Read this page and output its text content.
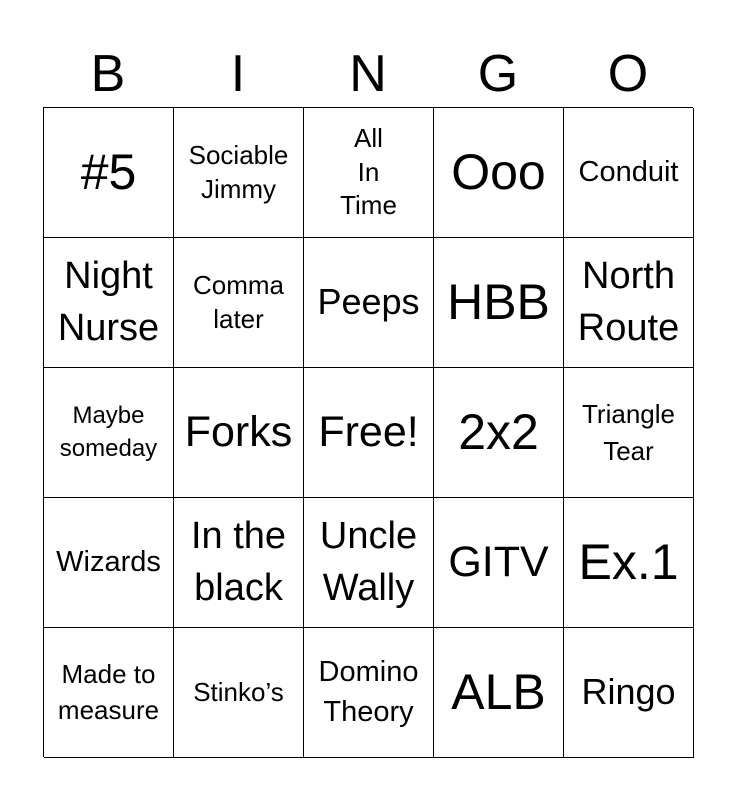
B	I	N	G	O
#5 Sociable
Jimmy
All
In
Time
Ooo Conduit
Night
Nurse
Comma
later	Peeps HBB North
Route
Maybe
someday Forks Free! 2x2 Triangle
Tear
Wizards
In the
black
Uncle
Wally
GITV Ex.1
Made to
measure
Stinko’s
Domino
Theory ALB Ringo
